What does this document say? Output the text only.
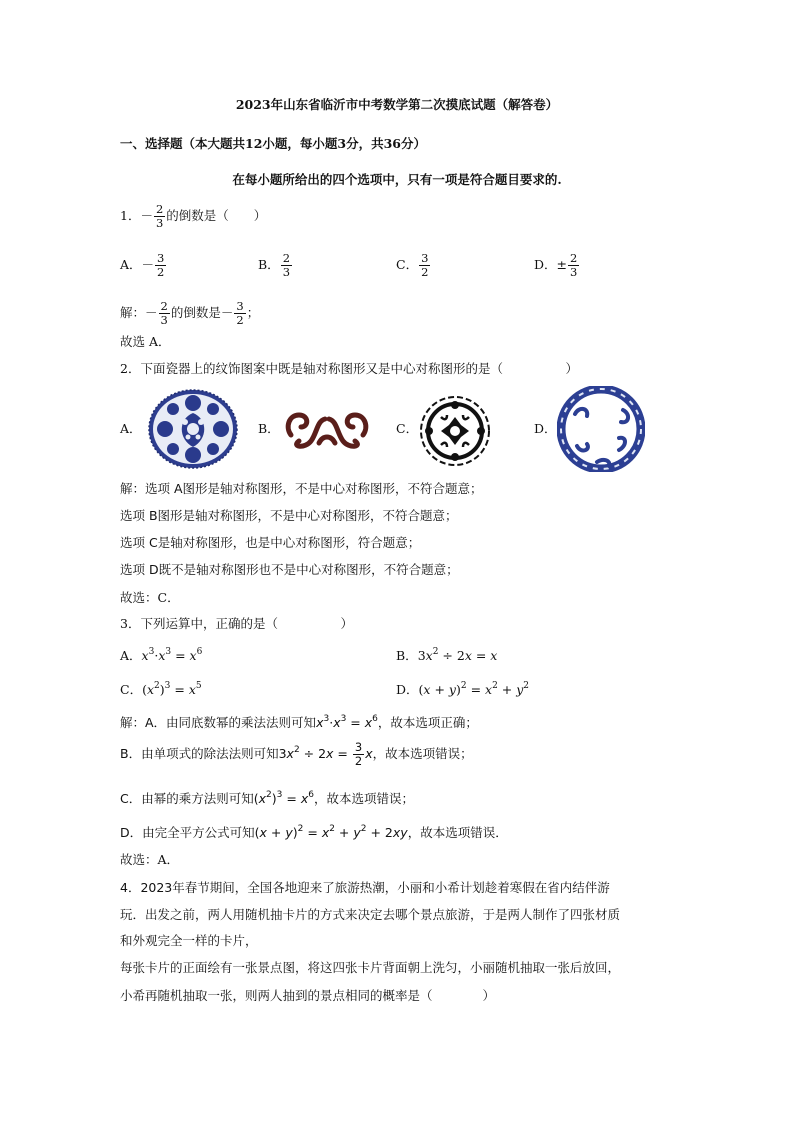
2023年山东省临沂市中考数学第二次摸底试题（解答卷）
一、选择题（本大题共12小题，每小题3分，共36分）
在每小题所给出的四个选项中，只有一项是符合题目要求的.
1．－ $\frac{2}{3}$ 的倒数是（　　）
A．－ $\frac{3}{2}$	B． $\frac{2}{3}$	C． $\frac{3}{2}$	D．± $\frac{2}{3}$
解：－ $\frac{2}{3}$ 的倒数是－ $\frac{3}{2}$ ；
故选 A．
2．下面瓷器上的纹饰图案中既是轴对称图形又是中心对称图形的是（　　　　　）
A．	B．	C．	D．
解：选项 A图形是轴对称图形，不是中心对称图形，不符合题意；
选项 B图形是轴对称图形，不是中心对称图形，不符合题意；
选项 C是轴对称图形，也是中心对称图形，符合题意；
选项 D既不是轴对称图形也不是中心对称图形，不符合题意；
故选：C．
3．下列运算中，正确的是（　　　　　）
A．$x^3\cdot x^3 = x^6$	B．$3x^2 \div 2x = x$
C．$(x^2)^3 = x^5$	D．$(x + y)^2 = x^2 + y^2$
解：A．由同底数幂的乘法法则可知$x^3\cdot x^3 = x^6$，故本选项正确；
B．由单项式的除法法则可知$3x^2 \div 2x = \frac{3}{2}$ x，故本选项错误；
C．由幂的乘方法则可知$(x^2)^3 = x^6$，故本选项错误；
D．由完全平方公式可知$(x + y)^2 = x^2 + y^2 + 2xy$，故本选项错误．
故选：A．
4．2023年春节期间，全国各地迎来了旅游热潮，小丽和小希计划趁着寒假在省内结伴游
玩．出发之前，两人用随机抽卡片的方式来决定去哪个景点旅游，于是两人制作了四张材质
和外观完全一样的卡片，
每张卡片的正面绘有一张景点图，将这四张卡片背面朝上洗匀，小丽随机抽取一张后放回，
小希再随机抽取一张，则两人抽到的景点相同的概率是（　　　　）
